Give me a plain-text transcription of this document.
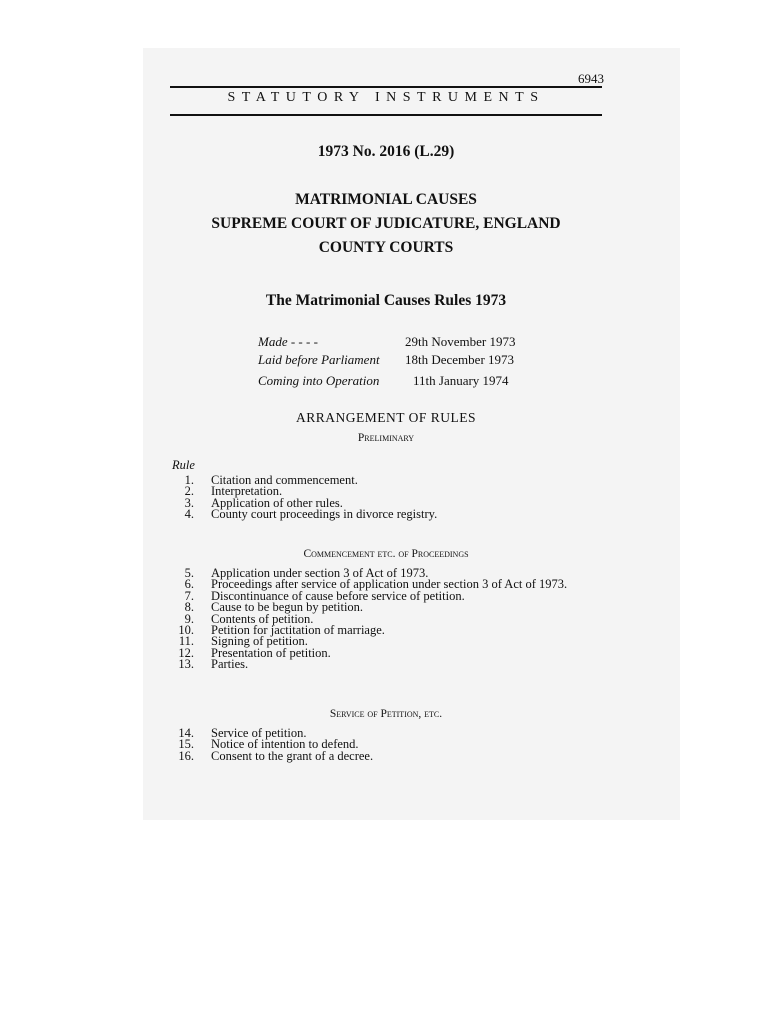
6943
STATUTORY INSTRUMENTS
1973 No. 2016 (L.29)
MATRIMONIAL CAUSES
SUPREME COURT OF JUDICATURE, ENGLAND
COUNTY COURTS
The Matrimonial Causes Rules 1973
Made - - - -	29th November 1973
Laid before Parliament 18th December 1973
Coming into Operation	11th January 1974
ARRANGEMENT OF RULES
Preliminary
Rule
1.	Citation and commencement.
2.	Interpretation.
3.	Application of other rules.
4.	County court proceedings in divorce registry.
Commencement etc. of Proceedings
5.	Application under section 3 of Act of 1973.
6.	Proceedings after service of application under section 3 of Act of 1973.
7.	Discontinuance of cause before service of petition.
8.	Cause to be begun by petition.
9.	Contents of petition.
10.	Petition for jactitation of marriage.
11.	Signing of petition.
12.	Presentation of petition.
13.	Parties.
Service of Petition, etc.
14.	Service of petition.
15.	Notice of intention to defend.
16.	Consent to the grant of a decree.
